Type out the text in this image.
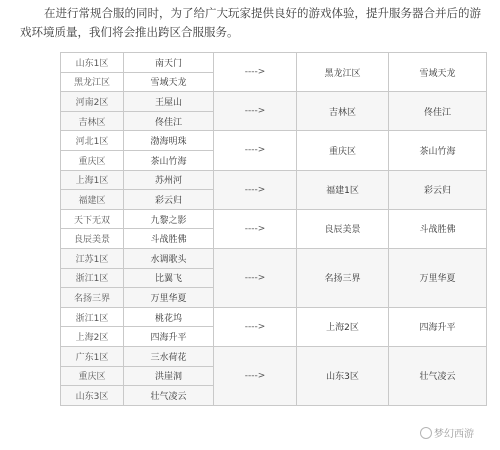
在进行常规合服的同时，为了给广大玩家提供良好的游戏体验，提升服务器合并后的游戏环境质量，我们将会推出跨区合服服务。

山东1区	南天门	---->	黑龙江区	雪域天龙
黑龙江区	雪域天龙			
河南2区	王屋山	---->	吉林区	佟佳江
吉林区	佟佳江			
河北1区	渤海明珠	---->	重庆区	茶山竹海
重庆区	茶山竹海			
上海1区	苏州河	---->	福建1区	彩云归
福建区	彩云归			
天下无双	九黎之影	---->	良辰美景	斗战胜佛
良辰美景	斗战胜佛			
江苏1区	水调歌头	---->	名扬三界	万里华夏
浙江1区	比翼飞			
名扬三界	万里华夏			
浙江1区	桃花坞	---->	上海2区	四海升平
上海2区	四海升平			
广东1区	三水荷花	---->	山东3区	壮气凌云
重庆区	洪崖洞			
山东3区	壮气凌云			
梦幻西游
